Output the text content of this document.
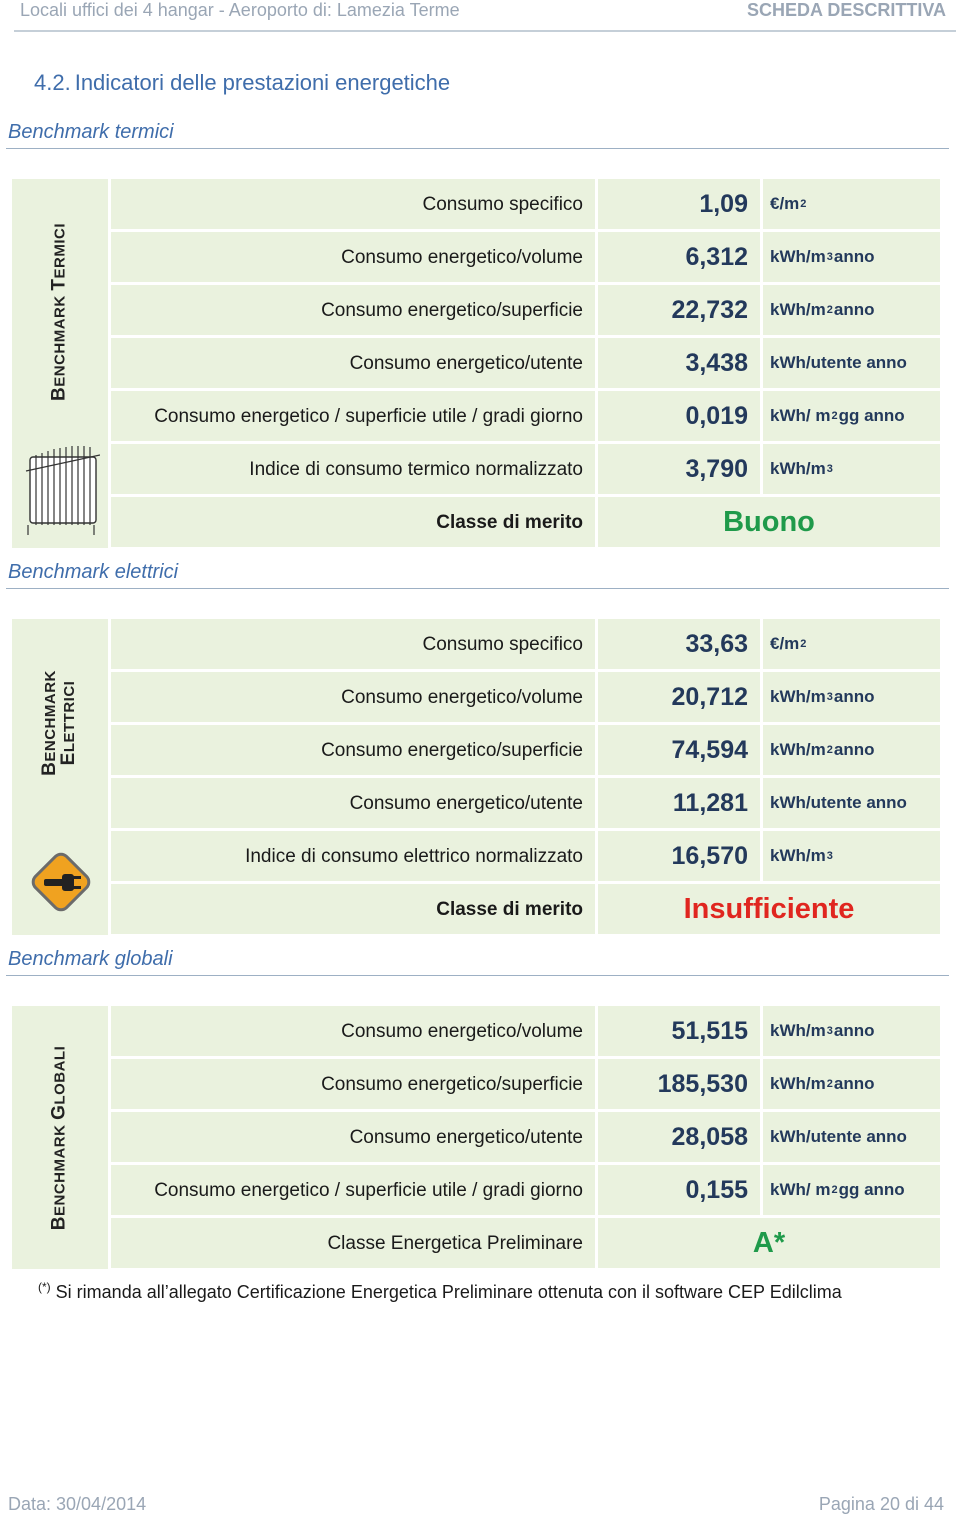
Locali uffici dei 4 hangar - Aeroporto di: Lamezia Terme	SCHEDA DESCRITTIVA
4.2. Indicatori delle prestazioni energetiche
Benchmark termici
BENCHMARK TERMICI
Consumo specifico	1,09	€/m 2
Consumo energetico/volume	6,312	kWh/m 3 anno
Consumo energetico/superficie	22,732	kWh/m 2 anno
Consumo energetico/utente	3,438	kWh/utente anno
Consumo energetico / superficie utile / gradi giorno	0,019	kWh/ m 2 gg anno
Indice di consumo termico normalizzato	3,790	kWh/m 3
Classe di merito	Buono
Benchmark elettrici
BENCHMARK
ELETTRICI
Consumo specifico	33,63	€/m 2
Consumo energetico/volume	20,712	kWh/m 3 anno
Consumo energetico/superficie	74,594	kWh/m 2 anno
Consumo energetico/utente	11,281	kWh/utente anno
Indice di consumo elettrico normalizzato	16,570	kWh/m 3
Classe di merito	Insufficiente
Benchmark globali
BENCHMARK GLOBALI
Consumo energetico/volume	51,515	kWh/m 3 anno
Consumo energetico/superficie	185,530	kWh/m 2 anno
Consumo energetico/utente	28,058	kWh/utente anno
Consumo energetico / superficie utile / gradi giorno	0,155	kWh/ m 2 gg anno
Classe Energetica Preliminare	A*
(*) Si rimanda all’allegato Certificazione Energetica Preliminare ottenuta con il software CEP Edilclima
Data: 30/04/2014	Pagina 20 di 44
